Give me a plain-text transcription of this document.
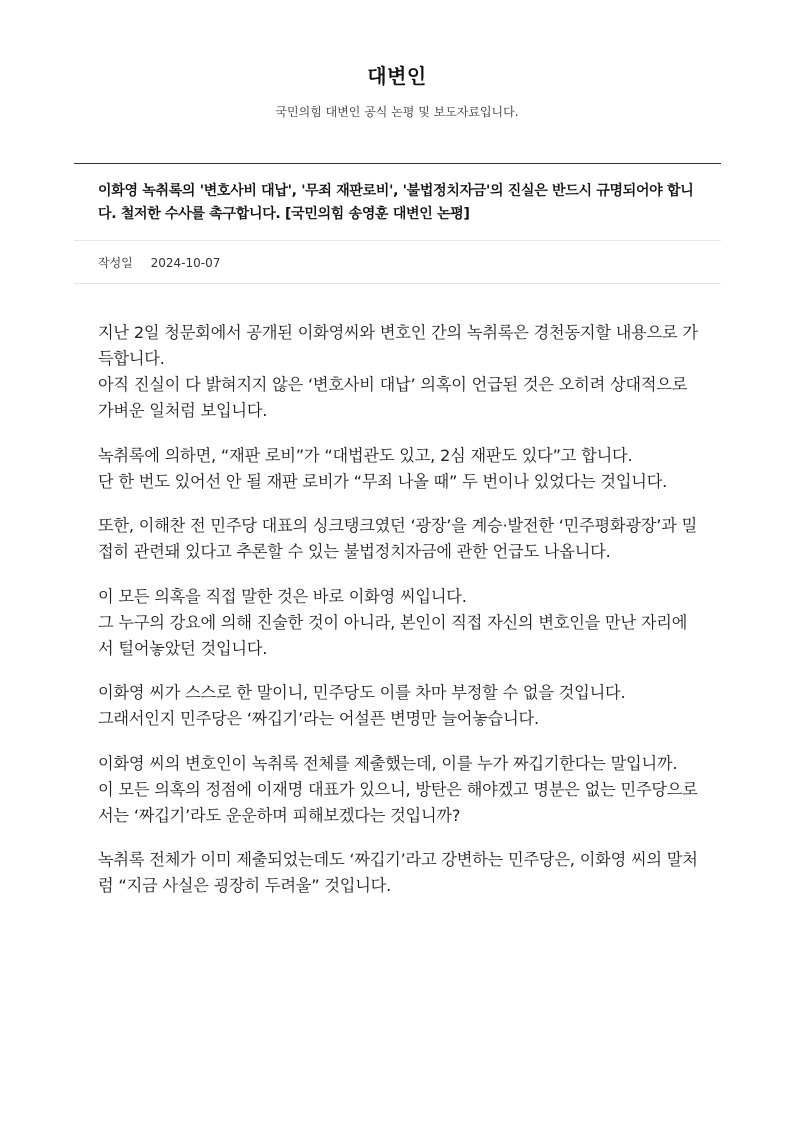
대변인
국민의힘 대변인 공식 논평 및 보도자료입니다.
이화영 녹취록의 '변호사비 대납', '무죄 재판로비', '불법정치자금'의 진실은 반드시 규명되어야 합니다. 철저한 수사를 촉구합니다. [국민의힘 송영훈 대변인 논평]
작성일 2024-10-07

지난 2일 청문회에서 공개된 이화영씨와 변호인 간의 녹취록은 경천동지할 내용으로 가득합니다.
아직 진실이 다 밝혀지지 않은 ‘변호사비 대납’ 의혹이 언급된 것은 오히려 상대적으로 가벼운 일처럼 보입니다.

녹취록에 의하면, “재판 로비”가 “대법관도 있고, 2심 재판도 있다”고 합니다.
단 한 번도 있어선 안 될 재판 로비가 “무죄 나올 때” 두 번이나 있었다는 것입니다.

또한, 이해찬 전 민주당 대표의 싱크탱크였던 ‘광장’을 계승·발전한 ‘민주평화광장’과 밀접히 관련돼 있다고 추론할 수 있는 불법정치자금에 관한 언급도 나옵니다.

이 모든 의혹을 직접 말한 것은 바로 이화영 씨입니다.
그 누구의 강요에 의해 진술한 것이 아니라, 본인이 직접 자신의 변호인을 만난 자리에서 털어놓았던 것입니다.

이화영 씨가 스스로 한 말이니, 민주당도 이를 차마 부정할 수 없을 것입니다.
그래서인지 민주당은 ‘짜깁기’라는 어설픈 변명만 늘어놓습니다.

이화영 씨의 변호인이 녹취록 전체를 제출했는데, 이를 누가 짜깁기한다는 말입니까.
이 모든 의혹의 정점에 이재명 대표가 있으니, 방탄은 해야겠고 명분은 없는 민주당으로서는 ‘짜깁기’라도 운운하며 피해보겠다는 것입니까?

녹취록 전체가 이미 제출되었는데도 ‘짜깁기’라고 강변하는 민주당은, 이화영 씨의 말처럼 “지금 사실은 굉장히 두려울” 것입니다.
